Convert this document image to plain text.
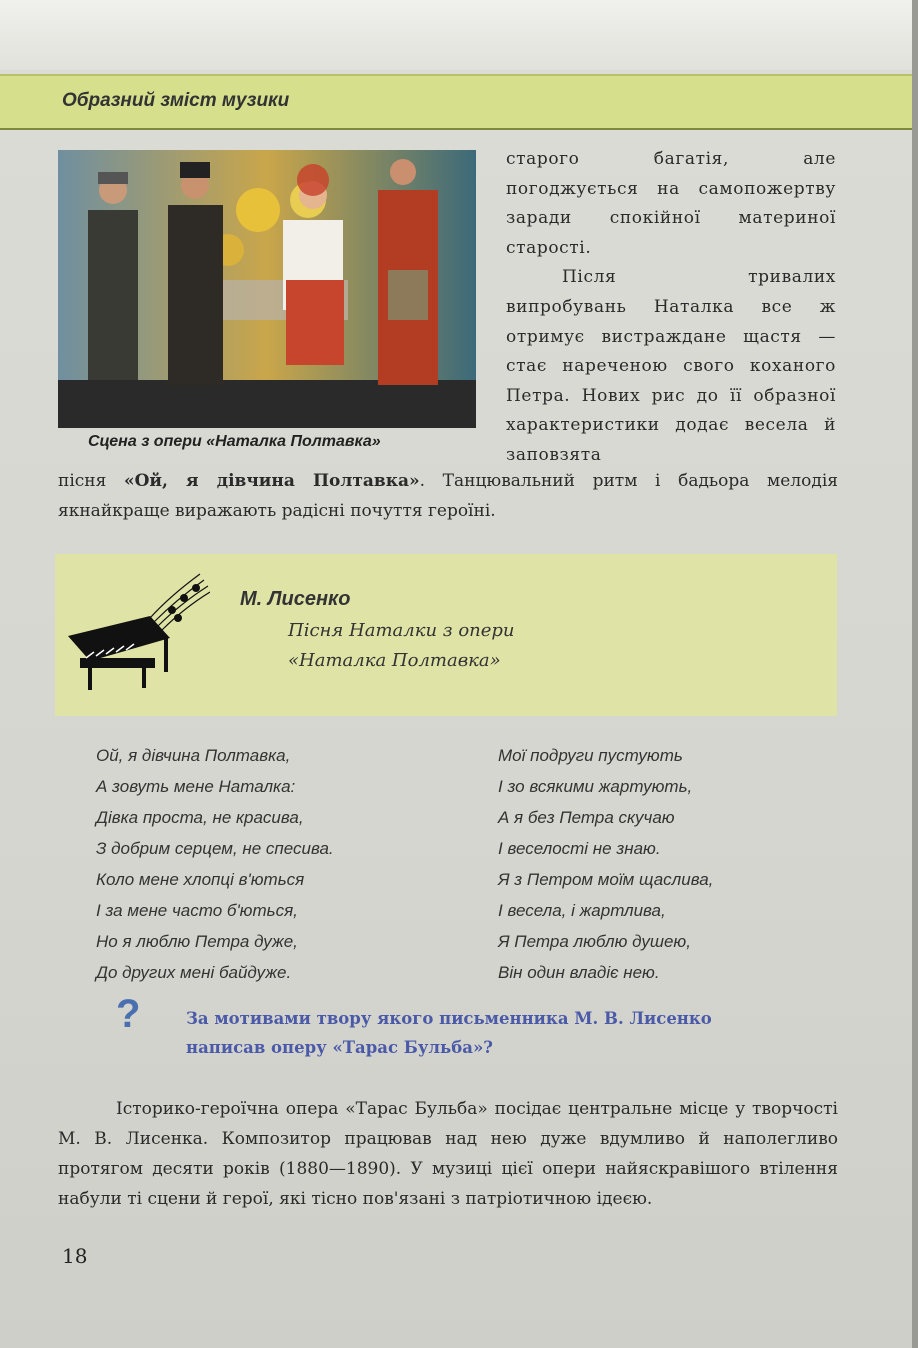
Образний зміст музики
Сцена з опери «Наталка Полтавка»

старого багатія, але погоджується на самопожертву заради спокійної материної старості.

Після тривалих випробувань Наталка все ж отримує вистраждане щастя — стає нареченою свого коханого Петра. Нових рис до її образної характеристики додає весела й заповзята

пісня «Ой, я дівчина Полтавка». Танцювальний ритм і бадьора мелодія якнайкраще виражають радісні почуття героїні.
М. Лисенко
Пісня Наталки з опери
«Наталка Полтавка»
Ой, я дівчина Полтавка,
А зовуть мене Наталка:
Дівка проста, не красива,
З добрим серцем, не спесива.
Коло мене хлопці в'ються
І за мене часто б'ються,
Но я люблю Петра дуже,
До других мені байдуже.
Мої подруги пустують
І зо всякими жартують,
А я без Петра скучаю
І веселості не знаю.
Я з Петром моїм щаслива,
І весела, і жартлива,
Я Петра люблю душею,
Він один владіє нею.
?	За мотивами твору якого письменника М. В. Лисенко
написав оперу «Тарас Бульба»?

Історико-героїчна опера «Тарас Бульба» посідає центральне місце у творчості М. В. Лисенка. Композитор працював над нею дуже вдумливо й наполегливо протягом десяти років (1880—1890). У музиці цієї опери найяскравішого втілення набули ті сцени й герої, які тісно пов'язані з патріотичною ідеєю.

18
